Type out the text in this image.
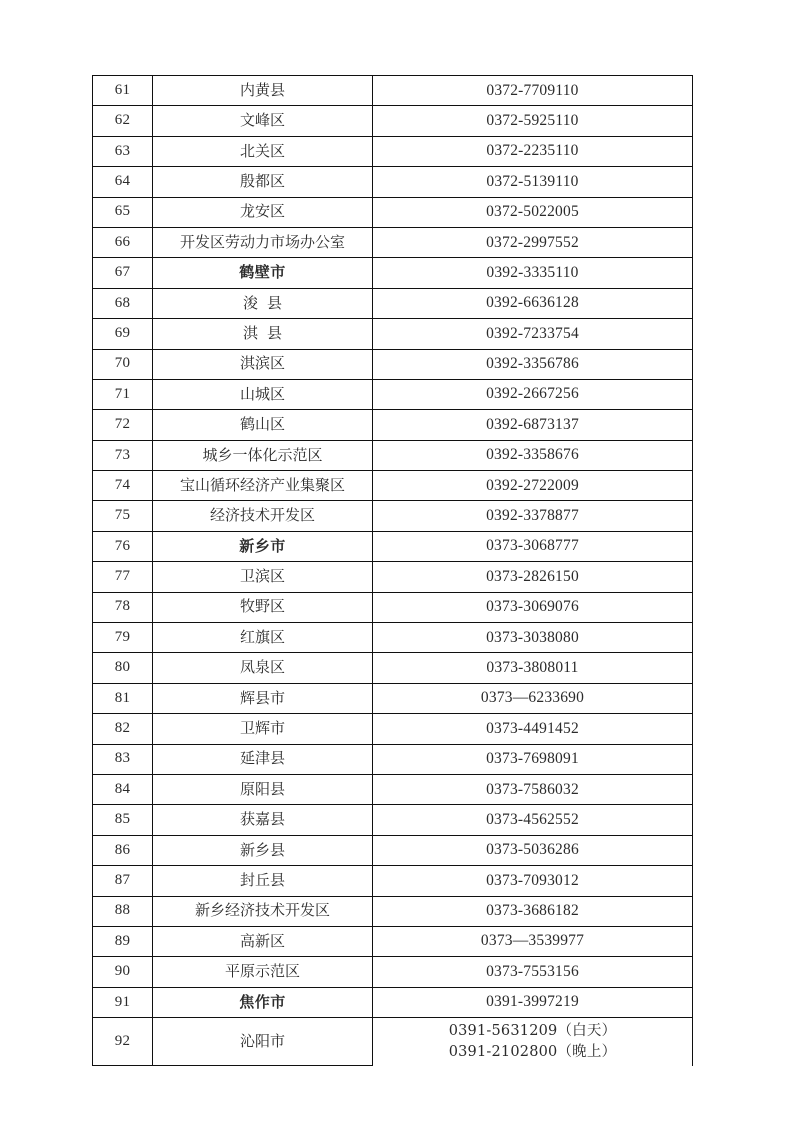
61	内黄县	0372-7709110
62	文峰区	0372-5925110
63	北关区	0372-2235110
64	殷都区	0372-5139110
65	龙安区	0372-5022005
66	开发区劳动力市场办公室	0372-2997552
67	鹤壁市	0392-3335110
68	浚县	0392-6636128
69	淇县	0392-7233754
70	淇滨区	0392-3356786
71	山城区	0392-2667256
72	鹤山区	0392-6873137
73	城乡一体化示范区	0392-3358676
74	宝山循环经济产业集聚区	0392-2722009
75	经济技术开发区	0392-3378877
76	新乡市	0373-3068777
77	卫滨区	0373-2826150
78	牧野区	0373-3069076
79	红旗区	0373-3038080
80	凤泉区	0373-3808011
81	辉县市	0373—6233690
82	卫辉市	0373-4491452
83	延津县	0373-7698091
84	原阳县	0373-7586032
85	获嘉县	0373-4562552
86	新乡县	0373-5036286
87	封丘县	0373-7093012
88	新乡经济技术开发区	0373-3686182
89	高新区	0373—3539977
90	平原示范区	0373-7553156
91	焦作市	0391-3997219
92	沁阳市	0391-5631209（白天）
0391-2102800（晚上）
